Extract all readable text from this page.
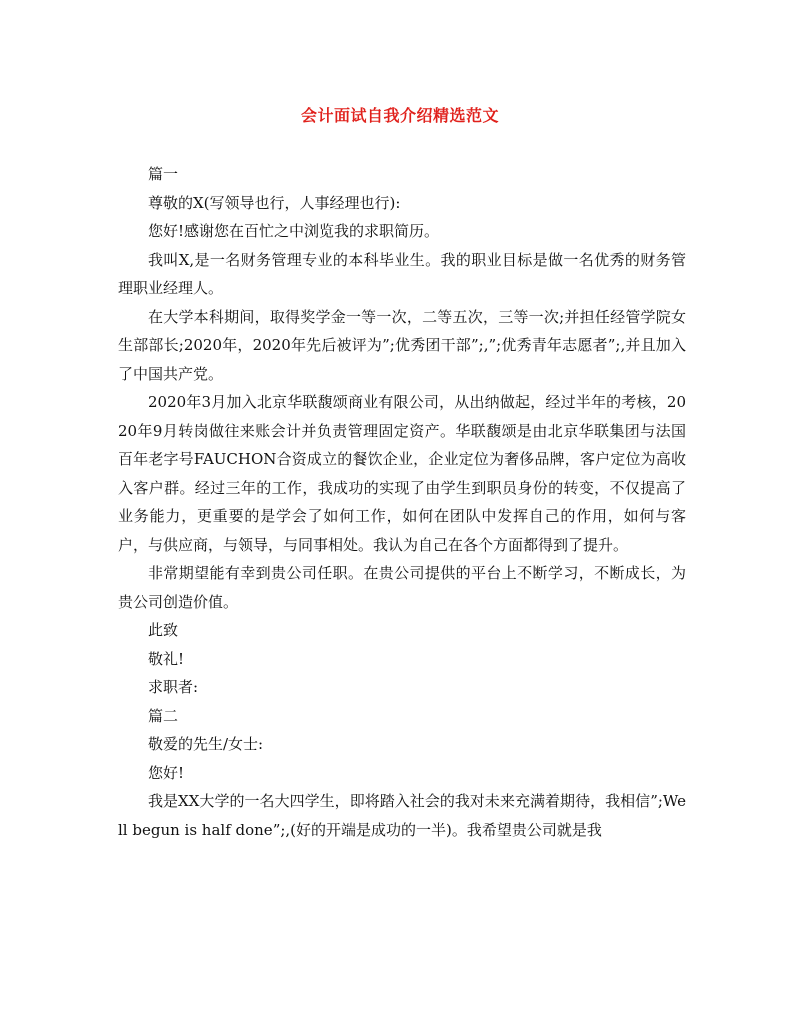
会计面试自我介绍精选范文

篇一

尊敬的X(写领导也行，人事经理也行):

您好!感谢您在百忙之中浏览我的求职简历。

我叫X,是一名财务管理专业的本科毕业生。我的职业目标是做一名优秀的财务管理职业经理人。

在大学本科期间，取得奖学金一等一次，二等五次，三等一次;并担任经管学院女生部部长;2020年，2020年先后被评为”;优秀团干部”;,”;优秀青年志愿者”;,并且加入了中国共产党。

2020年3月加入北京华联馥颂商业有限公司，从出纳做起，经过半年的考核，2020年9月转岗做往来账会计并负责管理固定资产。华联馥颂是由北京华联集团与法国百年老字号FAUCHON合资成立的餐饮企业，企业定位为奢侈品牌，客户定位为高收入客户群。经过三年的工作，我成功的实现了由学生到职员身份的转变，不仅提高了业务能力，更重要的是学会了如何工作，如何在团队中发挥自己的作用，如何与客户，与供应商，与领导，与同事相处。我认为自己在各个方面都得到了提升。

非常期望能有幸到贵公司任职。在贵公司提供的平台上不断学习，不断成长，为贵公司创造价值。

此致

敬礼!

求职者:

篇二

敬爱的先生/女士:

您好!

我是XX大学的一名大四学生，即将踏入社会的我对未来充满着期待，我相信”;Well begun is half done”;,(好的开端是成功的一半)。我希望贵公司就是我
